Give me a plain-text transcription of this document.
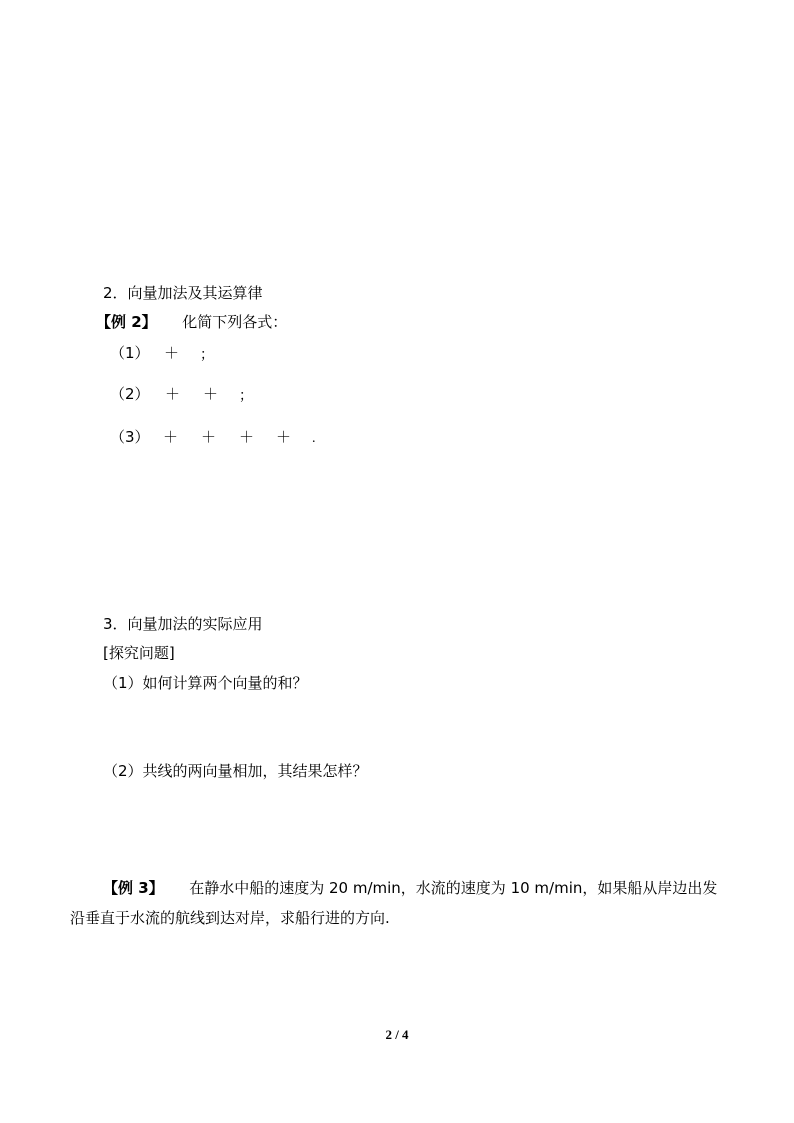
2．向量加法及其运算律
【例 2】 化简下列各式：
（1） ＋ ；
（2） ＋ ＋ ；
（3） ＋ ＋ ＋ ＋ .
3．向量加法的实际应用
[探究问题]
（1）如何计算两个向量的和？
（2）共线的两向量相加，其结果怎样？
【例 3】 在静水中船的速度为 20 m/min，水流的速度为 10 m/min，如果船从岸边出发
沿垂直于水流的航线到达对岸，求船行进的方向.
2 / 4
